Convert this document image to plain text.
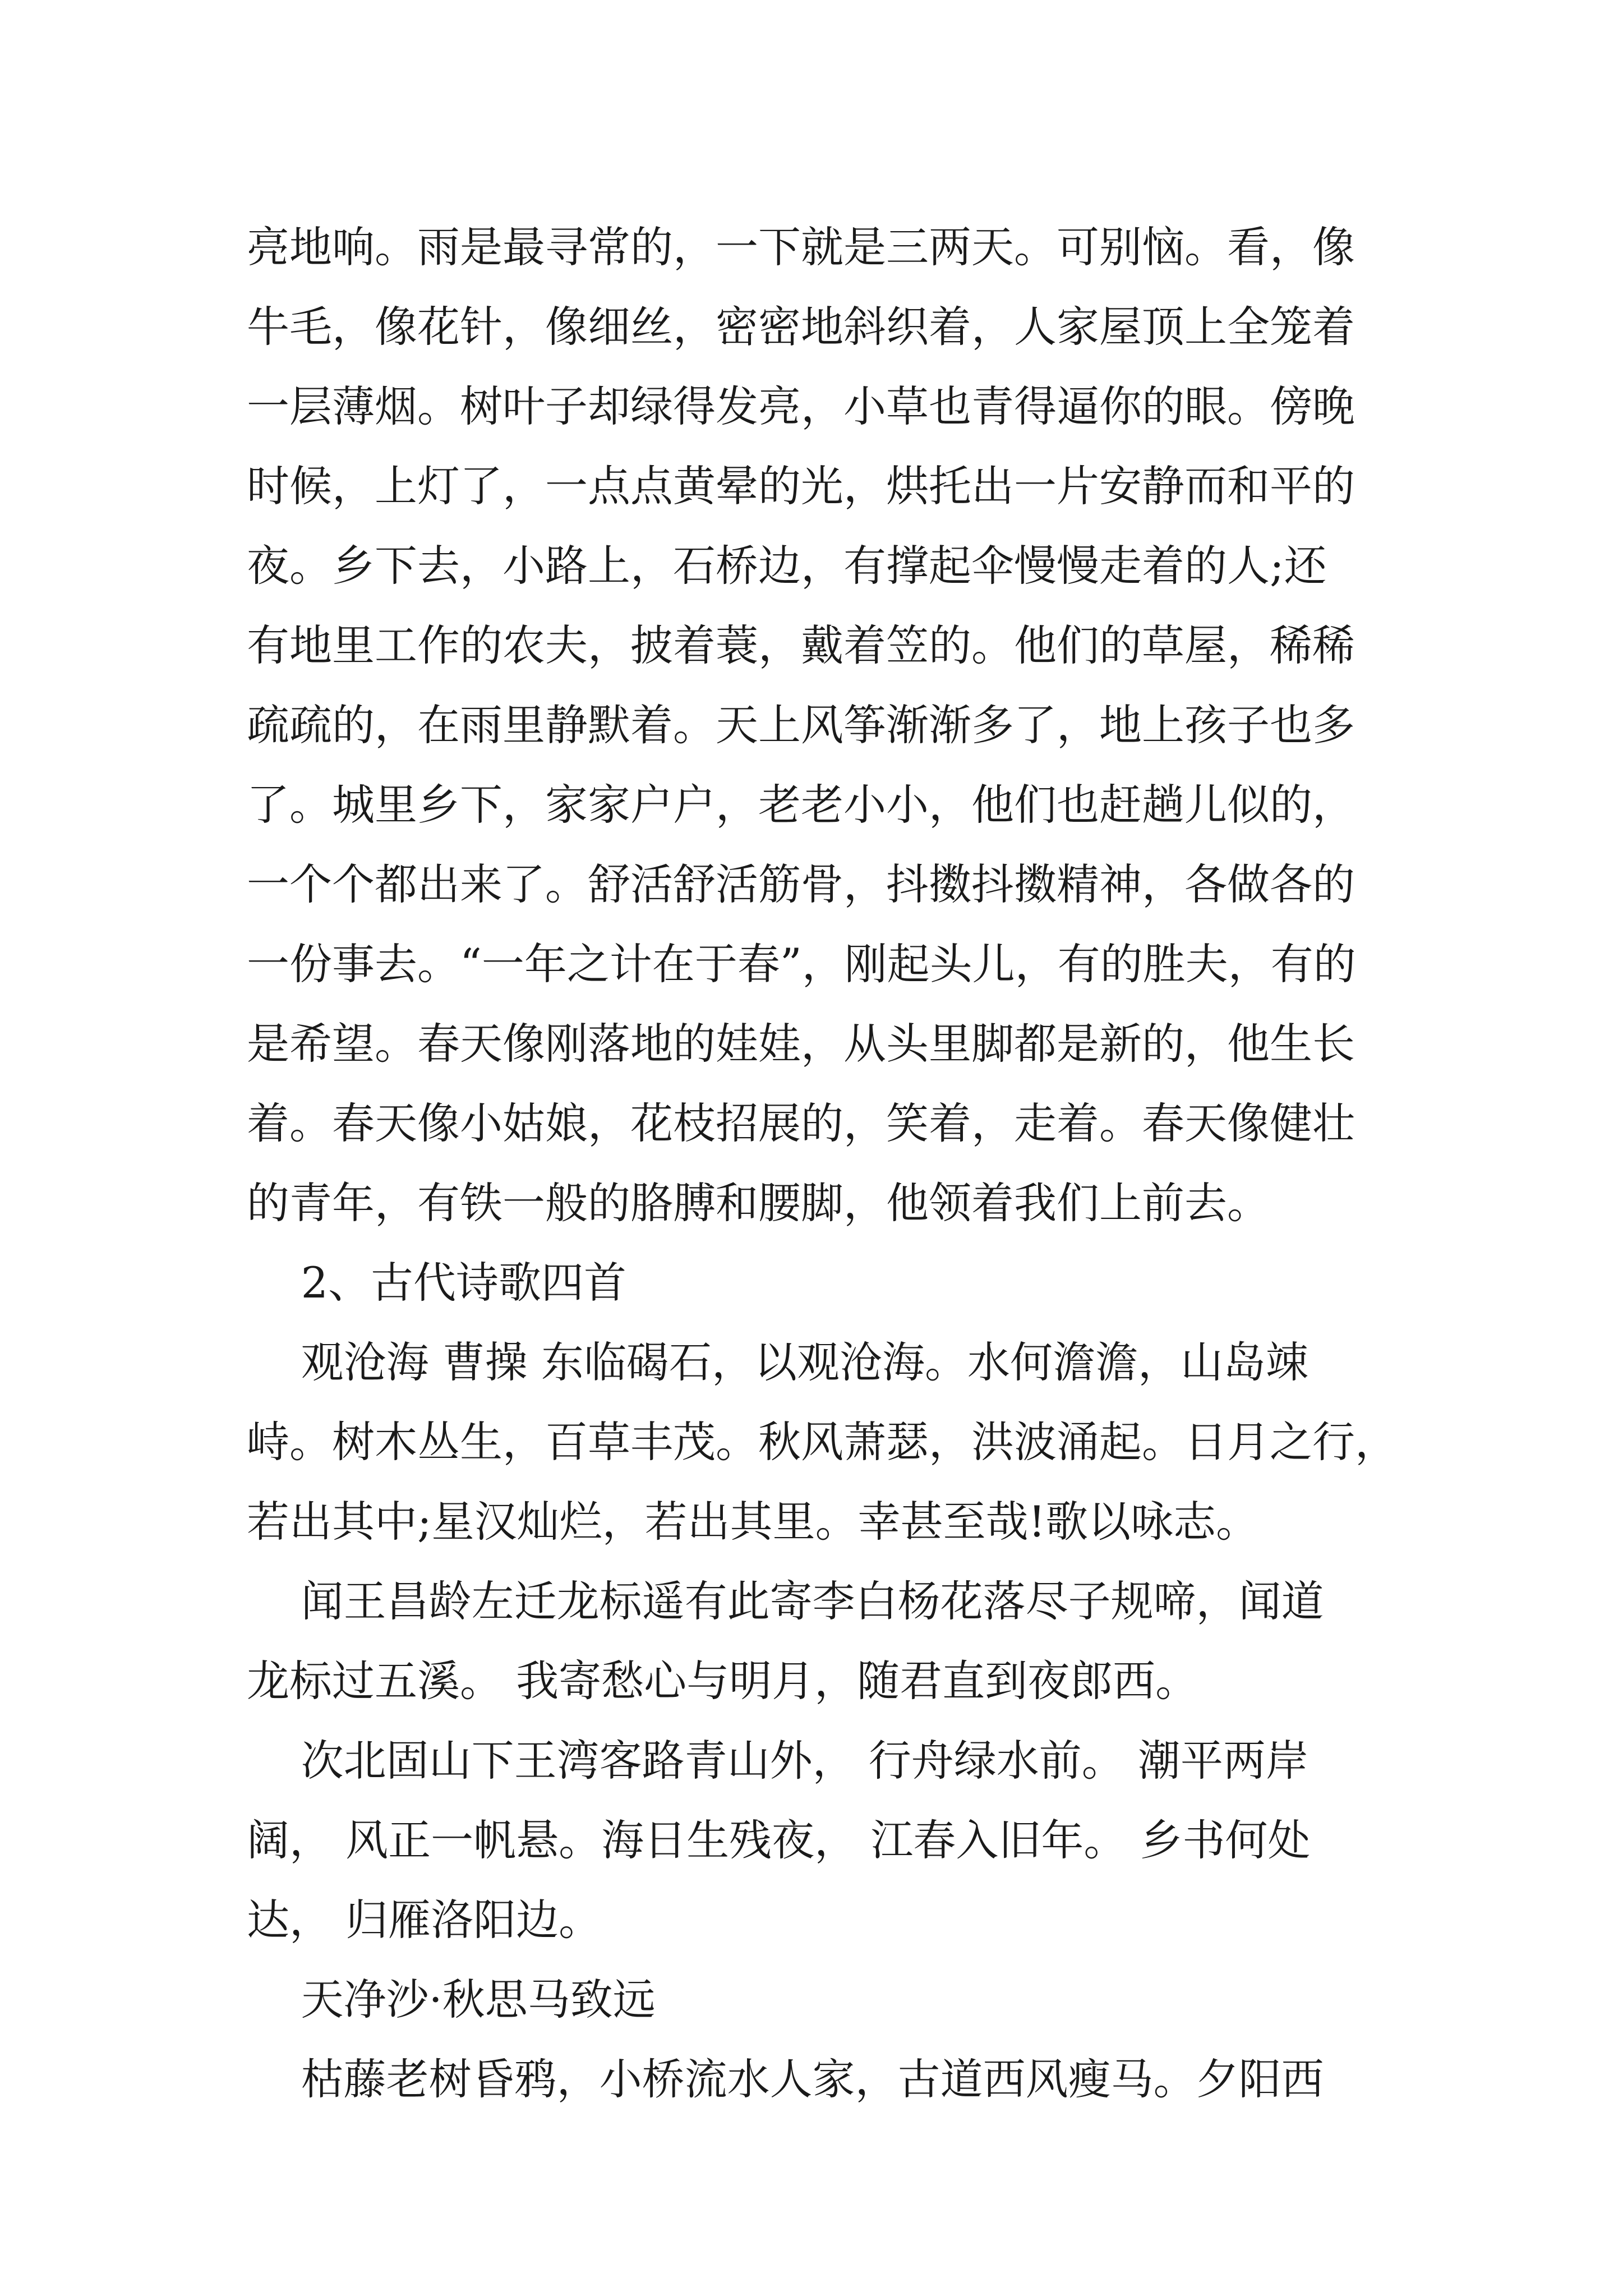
亮地响。雨是最寻常的，一下就是三两天。可别恼。看，像
牛毛，像花针，像细丝，密密地斜织着，人家屋顶上全笼着
一层薄烟。树叶子却绿得发亮，小草也青得逼你的眼。傍晚
时候，上灯了，一点点黄晕的光，烘托出一片安静而和平的
夜。乡下去，小路上，石桥边，有撑起伞慢慢走着的人;还
有地里工作的农夫，披着蓑，戴着笠的。他们的草屋，稀稀
疏疏的，在雨里静默着。天上风筝渐渐多了，地上孩子也多
了。城里乡下，家家户户，老老小小，他们也赶趟儿似的，
一个个都出来了。舒活舒活筋骨，抖擞抖擞精神，各做各的
一份事去。“一年之计在于春”，刚起头儿，有的胜夫，有的
是希望。春天像刚落地的娃娃，从头里脚都是新的，他生长
着。春天像小姑娘，花枝招展的，笑着，走着。春天像健壮
的青年，有铁一般的胳膊和腰脚，他领着我们上前去。
2、古代诗歌四首
观沧海 曹操 东临碣石，以观沧海。水何澹澹，山岛竦
峙。树木丛生，百草丰茂。秋风萧瑟，洪波涌起。日月之行，
若出其中;星汉灿烂，若出其里。幸甚至哉!歌以咏志。
闻王昌龄左迁龙标遥有此寄李白杨花落尽子规啼，闻道
龙标过五溪。 我寄愁心与明月，随君直到夜郎西。
次北固山下王湾客路青山外， 行舟绿水前。 潮平两岸
阔， 风正一帆悬。海日生残夜， 江春入旧年。 乡书何处
达， 归雁洛阳边。
天净沙·秋思马致远
枯藤老树昏鸦，小桥流水人家，古道西风瘦马。夕阳西
